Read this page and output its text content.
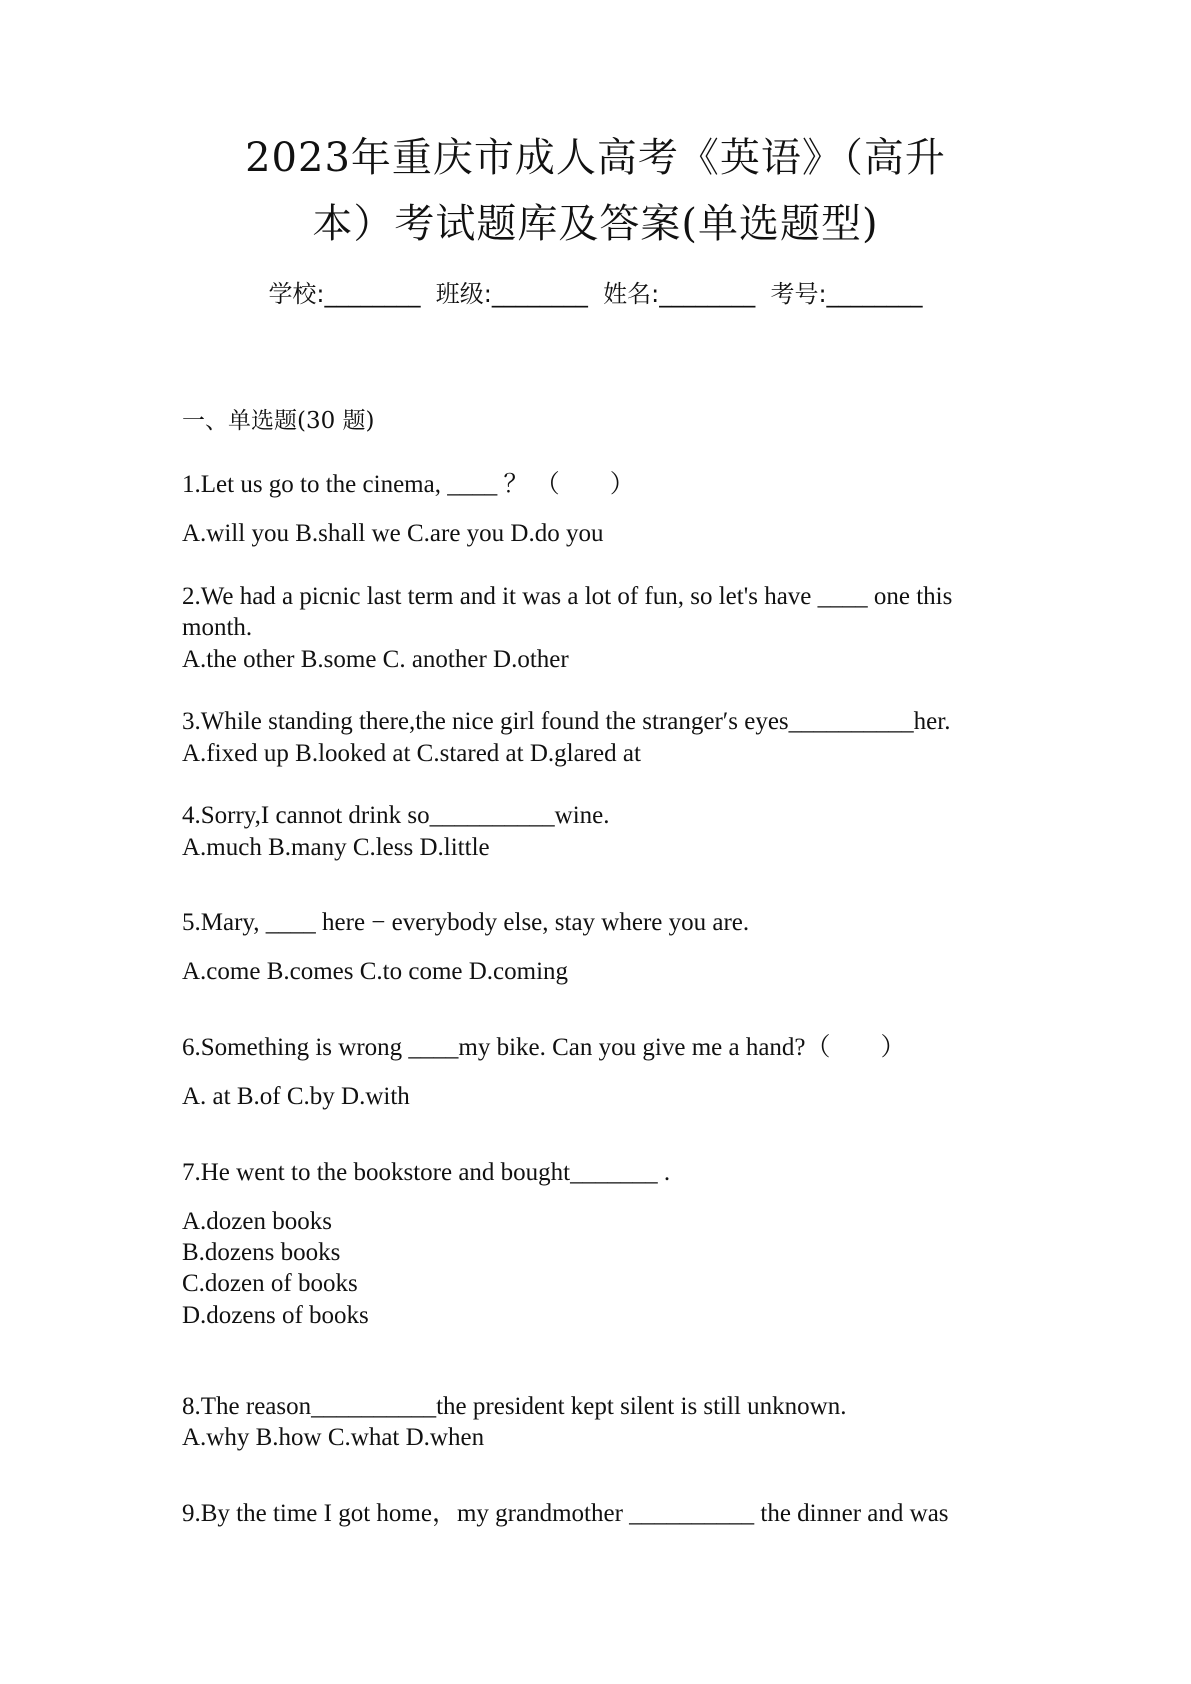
2023年重庆市成人高考《英语》（高升
本）考试题库及答案(单选题型)
学校:________  班级:________  姓名:________  考号:________
一、单选题(30 题)
1.Let us go to the cinema, ____ ？ （        ）
A.will you B.shall we C.are you D.do you
2.We had a picnic last term and it was a lot of fun, so let's have ____ one this
month.
A.the other B.some C. another D.other
3.While standing there,the nice girl found the stranger′s eyes__________her.
A.fixed up B.looked at C.stared at D.glared at
4.Sorry,I cannot drink so__________wine.
A.much B.many C.less D.little
5.Mary, ____ here − everybody else, stay where you are.
A.come B.comes C.to come D.coming
6.Something is wrong ____my bike. Can you give me a hand?（        ）
A. at B.of C.by D.with
7.He went to the bookstore and bought_______ .
A.dozen books
B.dozens books
C.dozen of books
D.dozens of books
8.The reason__________the president kept silent is still unknown.
A.why B.how C.what D.when
9.By the time I got home，my grandmother __________ the dinner and was
